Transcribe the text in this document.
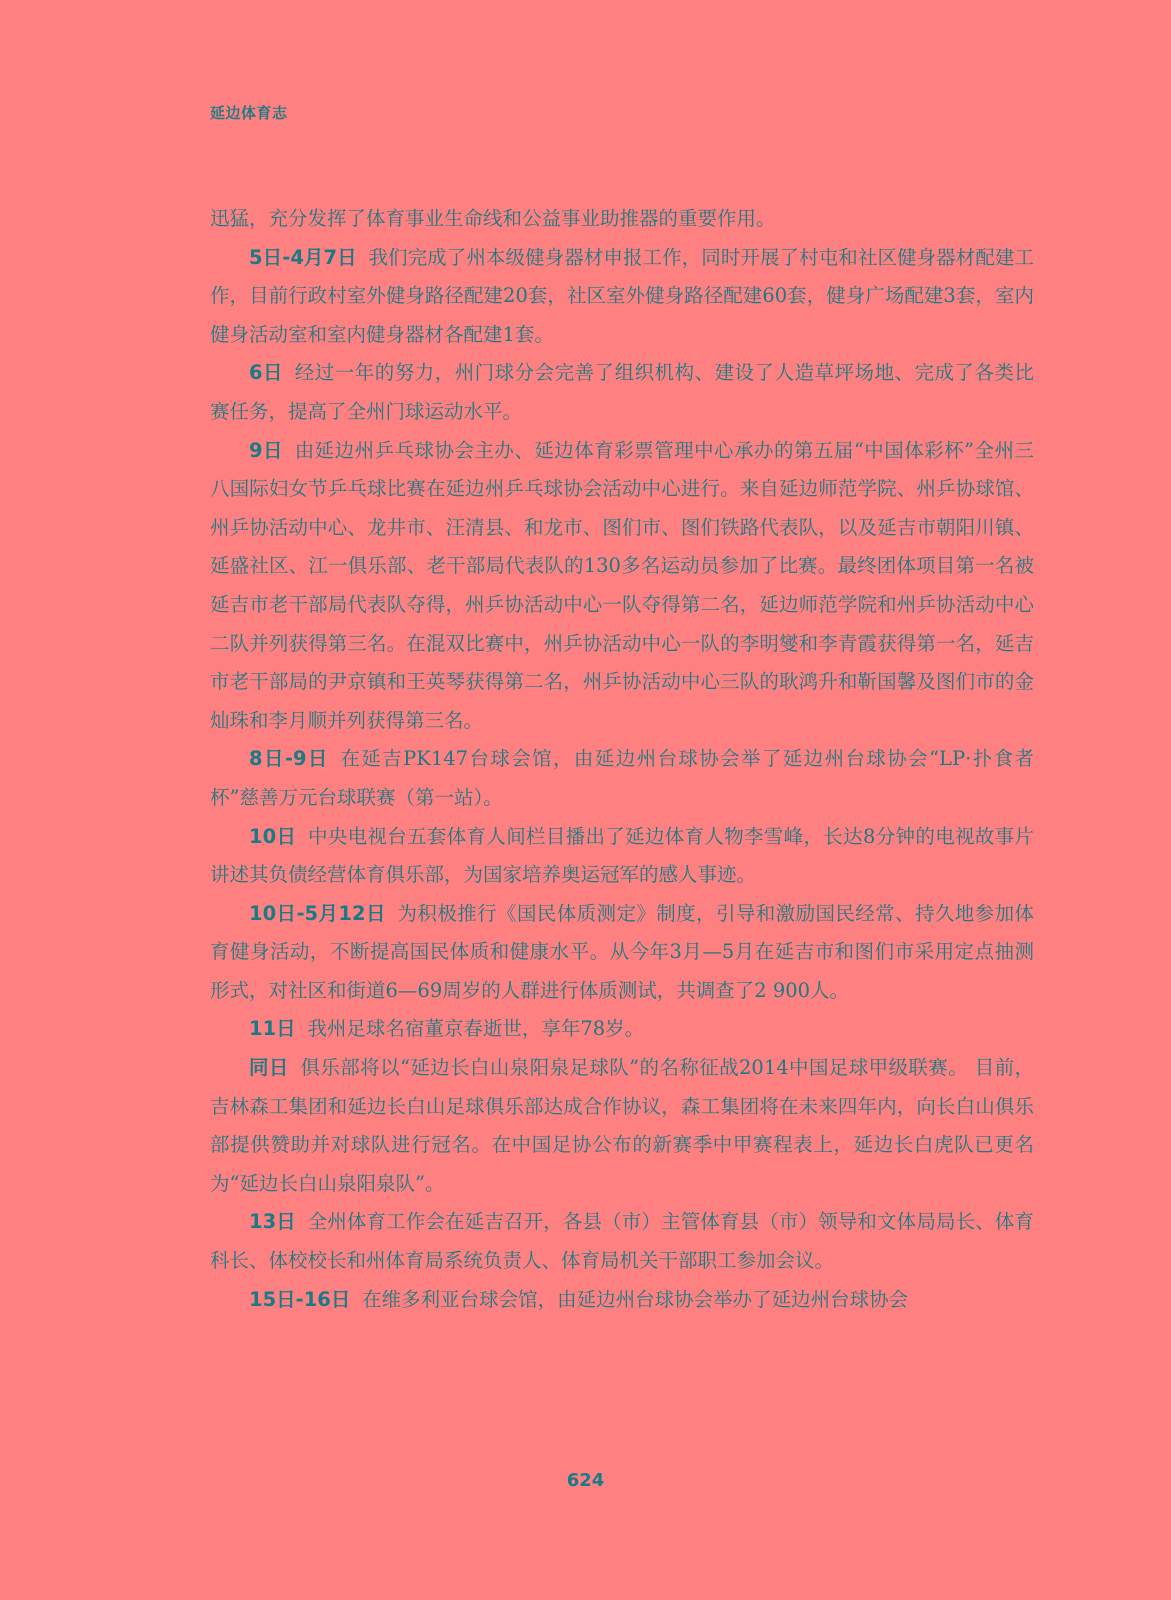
延边体育志

迅猛，充分发挥了体育事业生命线和公益事业助推器的重要作用。

5日-4月7日 我们完成了州本级健身器材申报工作，同时开展了村屯和社区健身器材配建工作，目前行政村室外健身路径配建20套，社区室外健身路径配建60套，健身广场配建3套，室内健身活动室和室内健身器材各配建1套。

6日 经过一年的努力，州门球分会完善了组织机构、建设了人造草坪场地、完成了各类比赛任务，提高了全州门球运动水平。

9日 由延边州乒乓球协会主办、延边体育彩票管理中心承办的第五届“中国体彩杯”全州三八国际妇女节乒乓球比赛在延边州乒乓球协会活动中心进行。来自延边师范学院、州乒协球馆、州乒协活动中心、龙井市、汪清县、和龙市、图们市、图们铁路代表队，以及延吉市朝阳川镇、延盛社区、江一俱乐部、老干部局代表队的130多名运动员参加了比赛。最终团体项目第一名被延吉市老干部局代表队夺得，州乒协活动中心一队夺得第二名，延边师范学院和州乒协活动中心二队并列获得第三名。在混双比赛中，州乒协活动中心一队的李明燮和李青霞获得第一名，延吉市老干部局的尹京镇和王英琴获得第二名，州乒协活动中心三队的耿鸿升和靳国馨及图们市的金灿珠和李月顺并列获得第三名。

8日-9日 在延吉PK147台球会馆，由延边州台球协会举了延边州台球协会“LP·扑食者杯”慈善万元台球联赛（第一站）。

10日 中央电视台五套体育人间栏目播出了延边体育人物李雪峰，长达8分钟的电视故事片讲述其负债经营体育俱乐部，为国家培养奥运冠军的感人事迹。

10日-5月12日 为积极推行《国民体质测定》制度，引导和激励国民经常、持久地参加体育健身活动，不断提高国民体质和健康水平。从今年3月—5月在延吉市和图们市采用定点抽测形式，对社区和街道6—69周岁的人群进行体质测试，共调查了2 900人。

11日 我州足球名宿董京春逝世，享年78岁。

同日 俱乐部将以“延边长白山泉阳泉足球队”的名称征战2014中国足球甲级联赛。 目前，吉林森工集团和延边长白山足球俱乐部达成合作协议，森工集团将在未来四年内，向长白山俱乐部提供赞助并对球队进行冠名。在中国足协公布的新赛季中甲赛程表上，延边长白虎队已更名为“延边长白山泉阳泉队”。

13日 全州体育工作会在延吉召开，各县（市）主管体育县（市）领导和文体局局长、体育科长、体校校长和州体育局系统负责人、体育局机关干部职工参加会议。

15日-16日 在维多利亚台球会馆，由延边州台球协会举办了延边州台球协会

624
